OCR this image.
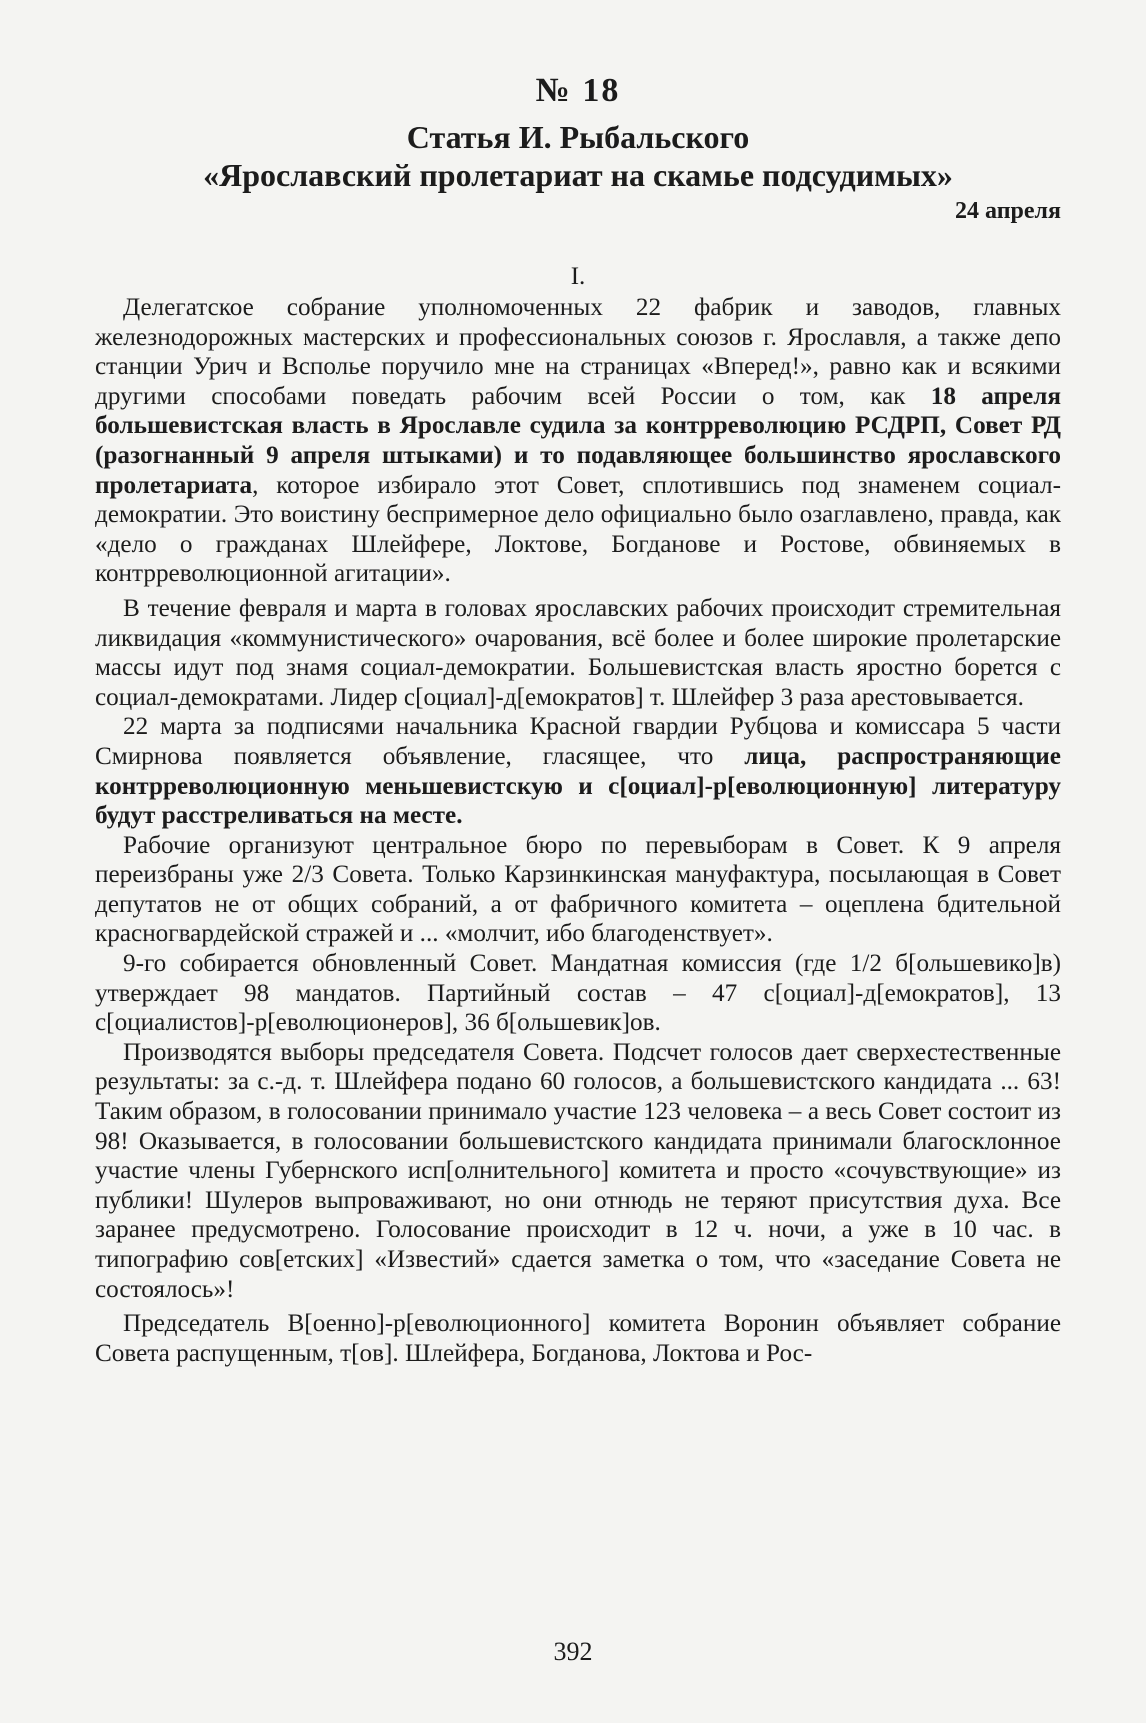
№ 18
Статья И. Рыбальского
«Ярославский пролетариат на скамье подсудимых»
24 апреля
I.

Делегатское собрание уполномоченных 22 фабрик и заводов, главных железнодорожных мастерских и профессиональных союзов г. Ярославля, а также депо станции Урич и Всполье поручило мне на страницах «Вперед!», равно как и всякими другими способами поведать рабочим всей России о том, как 18 апреля большевистская власть в Ярославле судила за контрреволюцию РСДРП, Совет РД (разогнанный 9 апреля штыками) и то подавляющее большинство ярославского пролетариата, которое избирало этот Совет, сплотившись под знаменем социал-демократии. Это воистину беспримерное дело официально было озаглавлено, правда, как «дело о гражданах Шлейфере, Локтове, Богданове и Ростове, обвиняемых в контрреволюционной агитации».

В течение февраля и марта в головах ярославских рабочих происходит стремительная ликвидация «коммунистического» очарования, всё более и более широкие пролетарские массы идут под знамя социал-демократии. Большевистская власть яростно борется с социал-демократами. Лидер с[оциал]-д[емократов] т. Шлейфер 3 раза арестовывается.

22 марта за подписями начальника Красной гвардии Рубцова и комиссара 5 части Смирнова появляется объявление, гласящее, что лица, распространяющие контрреволюционную меньшевистскую и с[оциал]-р[еволюционную] литературу будут расстреливаться на месте.

Рабочие организуют центральное бюро по перевыборам в Совет. К 9 апреля переизбраны уже 2/3 Совета. Только Карзинкинская мануфактура, посылающая в Совет депутатов не от общих собраний, а от фабричного комитета – оцеплена бдительной красногвардейской стражей и ... «молчит, ибо благоденствует».

9-го собирается обновленный Совет. Мандатная комиссия (где 1/2 б[ольшевико]в) утверждает 98 мандатов. Партийный состав – 47 с[оциал]-д[емократов], 13 с[оциалистов]-р[еволюционеров], 36 б[ольшевик]ов.

Производятся выборы председателя Совета. Подсчет голосов дает сверхестественные результаты: за с.-д. т. Шлейфера подано 60 голосов, а большевистского кандидата ... 63! Таким образом, в голосовании принимало участие 123 человека – а весь Совет состоит из 98! Оказывается, в голосовании большевистского кандидата принимали благосклонное участие члены Губернского исп[олнительного] комитета и просто «сочувствующие» из публики! Шулеров выпроваживают, но они отнюдь не теряют присутствия духа. Все заранее предусмотрено. Голосование происходит в 12 ч. ночи, а уже в 10 час. в типографию сов[етских] «Известий» сдается заметка о том, что «заседание Совета не состоялось»!

Председатель В[оенно]-р[еволюционного] комитета Воронин объявляет собрание Совета распущенным, т[ов]. Шлейфера, Богданова, Локтова и Рос-

392
